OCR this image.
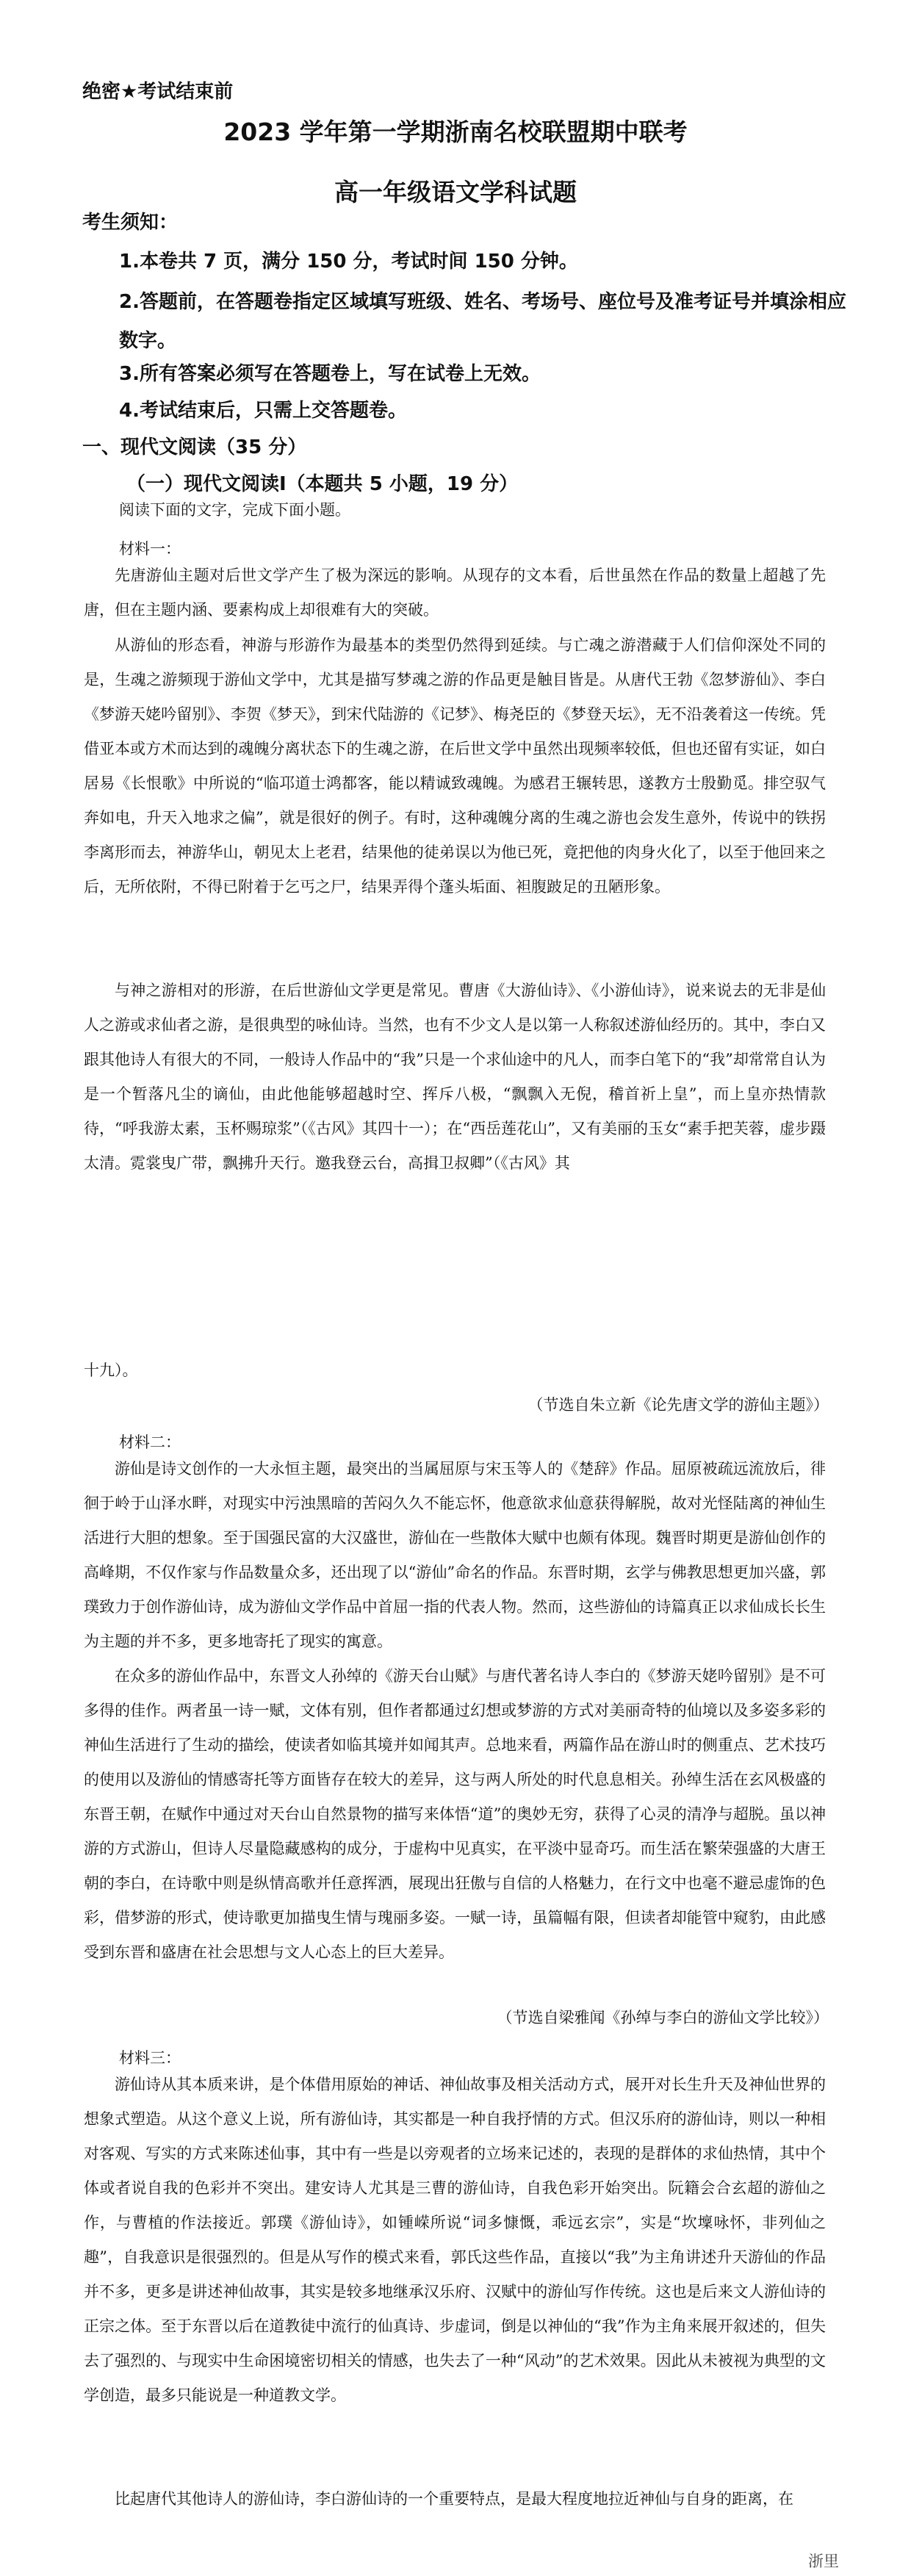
绝密★考试结束前
2023 学年第一学期浙南名校联盟期中联考
高一年级语文学科试题
考生须知：
1.本卷共 7 页，满分 150 分，考试时间 150 分钟。
2.答题前，在答题卷指定区域填写班级、姓名、考场号、座位号及准考证号并填涂相应数字。
3.所有答案必须写在答题卷上，写在试卷上无效。
4.考试结束后，只需上交答题卷。
一、现代文阅读（35 分）
（一）现代文阅读Ⅰ（本题共 5 小题，19 分）
阅读下面的文字，完成下面小题。
材料一：
先唐游仙主题对后世文学产生了极为深远的影响。从现存的文本看，后世虽然在作品的数量上超越了先唐，但在主题内涵、要素构成上却很难有大的突破。
从游仙的形态看，神游与形游作为最基本的类型仍然得到延续。与亡魂之游潜藏于人们信仰深处不同的是，生魂之游频现于游仙文学中，尤其是描写梦魂之游的作品更是触目皆是。从唐代王勃《忽梦游仙》、李白《梦游天姥吟留别》、李贺《梦天》，到宋代陆游的《记梦》、梅尧臣的《梦登天坛》，无不沿袭着这一传统。凭借亚本或方术而达到的魂魄分离状态下的生魂之游，在后世文学中虽然出现频率较低，但也还留有实证，如白居易《长恨歌》中所说的“临邛道士鸿都客，能以精诚致魂魄。为感君王辗转思，遂教方士殷勤觅。排空驭气奔如电，升天入地求之偏”，就是很好的例子。有时，这种魂魄分离的生魂之游也会发生意外，传说中的铁拐李离形而去，神游华山，朝见太上老君，结果他的徒弟误以为他已死，竟把他的肉身火化了，以至于他回来之后，无所依附，不得已附着于乞丐之尸，结果弄得个蓬头垢面、袒腹跛足的丑陋形象。
与神之游相对的形游，在后世游仙文学更是常见。曹唐《大游仙诗》、《小游仙诗》，说来说去的无非是仙人之游或求仙者之游，是很典型的咏仙诗。当然，也有不少文人是以第一人称叙述游仙经历的。其中，李白又跟其他诗人有很大的不同，一般诗人作品中的“我”只是一个求仙途中的凡人，而李白笔下的“我”却常常自认为是一个暂落凡尘的谪仙，由此他能够超越时空、挥斥八极，“飘飘入无倪，稽首祈上皇”，而上皇亦热情款待，“呼我游太素，玉杯赐琼浆”（《古风》其四十一）；在“西岳莲花山”，又有美丽的玉女“素手把芙蓉，虚步蹑太清。霓裳曳广带，飘拂升天行。邀我登云台，高揖卫叔卿”（《古风》其
十九）。
（节选自朱立新《论先唐文学的游仙主题》）
材料二：
游仙是诗文创作的一大永恒主题，最突出的当属屈原与宋玉等人的《楚辞》作品。屈原被疏远流放后，徘徊于岭于山泽水畔，对现实中污浊黑暗的苦闷久久不能忘怀，他意欲求仙意获得解脱，故对光怪陆离的神仙生活进行大胆的想象。至于国强民富的大汉盛世，游仙在一些散体大赋中也颇有体现。魏晋时期更是游仙创作的高峰期，不仅作家与作品数量众多，还出现了以“游仙”命名的作品。东晋时期，玄学与佛教思想更加兴盛，郭璞致力于创作游仙诗，成为游仙文学作品中首屈一指的代表人物。然而，这些游仙的诗篇真正以求仙成长长生为主题的并不多，更多地寄托了现实的寓意。
在众多的游仙作品中，东晋文人孙绰的《游天台山赋》与唐代著名诗人李白的《梦游天姥吟留别》是不可多得的佳作。两者虽一诗一赋，文体有别，但作者都通过幻想或梦游的方式对美丽奇特的仙境以及多姿多彩的神仙生活进行了生动的描绘，使读者如临其境并如闻其声。总地来看，两篇作品在游山时的侧重点、艺术技巧的使用以及游仙的情感寄托等方面皆存在较大的差异，这与两人所处的时代息息相关。孙绰生活在玄风极盛的东晋王朝，在赋作中通过对天台山自然景物的描写来体悟“道”的奥妙无穷，获得了心灵的清净与超脱。虽以神游的方式游山，但诗人尽量隐藏感构的成分，于虚构中见真实，在平淡中显奇巧。而生活在繁荣强盛的大唐王朝的李白，在诗歌中则是纵情高歌并任意挥洒，展现出狂傲与自信的人格魅力，在行文中也毫不避忌虚饰的色彩，借梦游的形式，使诗歌更加描曳生情与瑰丽多姿。一赋一诗，虽篇幅有限，但读者却能管中窥豹，由此感受到东晋和盛唐在社会思想与文人心态上的巨大差异。
（节选自梁雅闻《孙绰与李白的游仙文学比较》）
材料三：
游仙诗从其本质来讲，是个体借用原始的神话、神仙故事及相关活动方式，展开对长生升天及神仙世界的想象式塑造。从这个意义上说，所有游仙诗，其实都是一种自我抒情的方式。但汉乐府的游仙诗，则以一种相对客观、写实的方式来陈述仙事，其中有一些是以旁观者的立场来记述的，表现的是群体的求仙热情，其中个体或者说自我的色彩并不突出。建安诗人尤其是三曹的游仙诗，自我色彩开始突出。阮籍会合玄超的游仙之作，与曹植的作法接近。郭璞《游仙诗》，如锺嵘所说“词多慷慨，乖远玄宗”，实是“坎壈咏怀，非列仙之趣”，自我意识是很强烈的。但是从写作的模式来看，郭氏这些作品，直接以“我”为主角讲述升天游仙的作品并不多，更多是讲述神仙故事，其实是较多地继承汉乐府、汉赋中的游仙写作传统。这也是后来文人游仙诗的正宗之体。至于东晋以后在道教徒中流行的仙真诗、步虚词，倒是以神仙的“我”作为主角来展开叙述的，但失去了强烈的、与现实中生命困境密切相关的情感，也失去了一种“风动”的艺术效果。因此从未被视为典型的文学创造，最多只能说是一种道教文学。
比起唐代其他诗人的游仙诗，李白游仙诗的一个重要特点，是最大程度地拉近神仙与自身的距离，在
浙里
